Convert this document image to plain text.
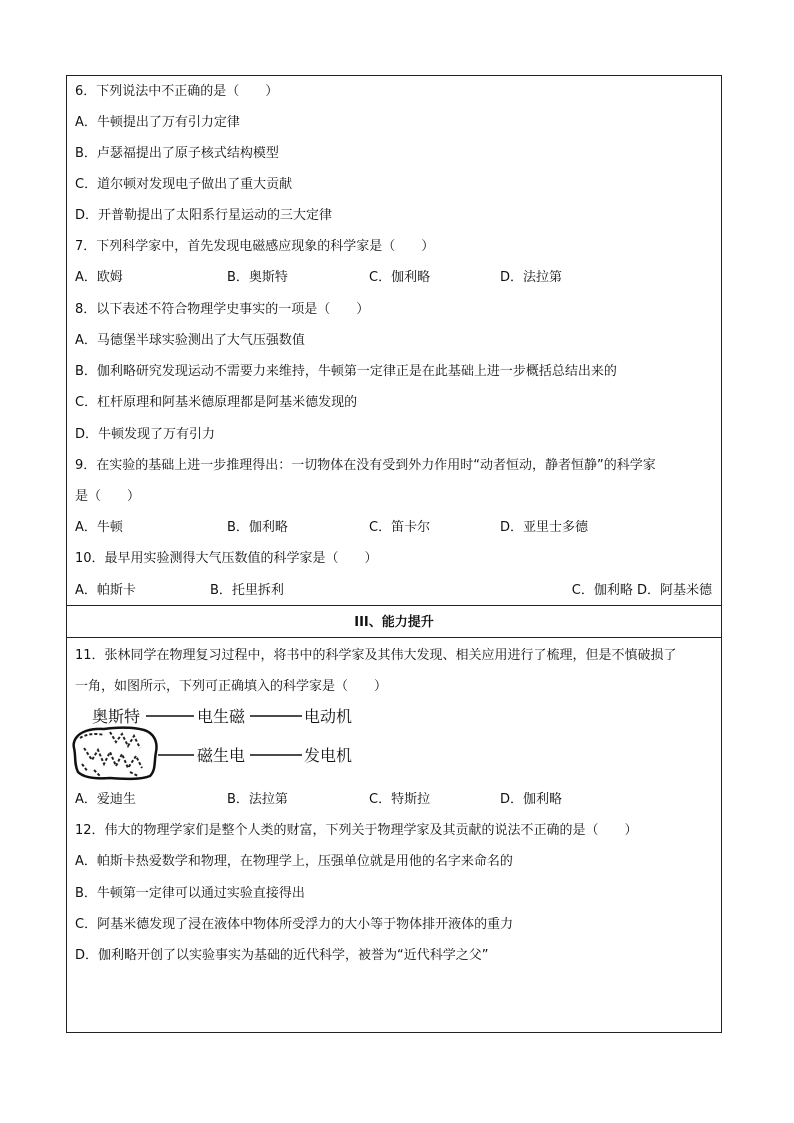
6．下列说法中不正确的是（　　）
A．牛顿提出了万有引力定律
B．卢瑟福提出了原子核式结构模型
C．道尔顿对发现电子做出了重大贡献
D．开普勒提出了太阳系行星运动的三大定律
7．下列科学家中，首先发现电磁感应现象的科学家是（　　）
A．欧姆	B．奥斯特	C．伽利略	D．法拉第
8．以下表述不符合物理学史事实的一项是（　　）
A．马德堡半球实验测出了大气压强数值
B．伽利略研究发现运动不需要力来维持，牛顿第一定律正是在此基础上进一步概括总结出来的
C．杠杆原理和阿基米德原理都是阿基米德发现的
D．牛顿发现了万有引力
9．在实验的基础上进一步推理得出：一切物体在没有受到外力作用时“动者恒动，静者恒静”的科学家
是（　　）
A．牛顿	B．伽利略	C．笛卡尔	D．亚里士多德
10．最早用实验测得大气压数值的科学家是（　　）
A．帕斯卡	B．托里拆利	C．伽利略 D．阿基米德
III、能力提升
11．张林同学在物理复习过程中，将书中的科学家及其伟大发现、相关应用进行了梳理，但是不慎破损了
一角，如图所示，下列可正确填入的科学家是（　　）
奥斯特	电生磁	电动机
磁生电	发电机
A．爱迪生	B．法拉第	C．特斯拉	D．伽利略
12．伟大的物理学家们是整个人类的财富，下列关于物理学家及其贡献的说法不正确的是（　　）
A．帕斯卡热爱数学和物理，在物理学上，压强单位就是用他的名字来命名的
B．牛顿第一定律可以通过实验直接得出
C．阿基米德发现了浸在液体中物体所受浮力的大小等于物体排开液体的重力
D．伽利略开创了以实验事实为基础的近代科学，被誉为“近代科学之父”
